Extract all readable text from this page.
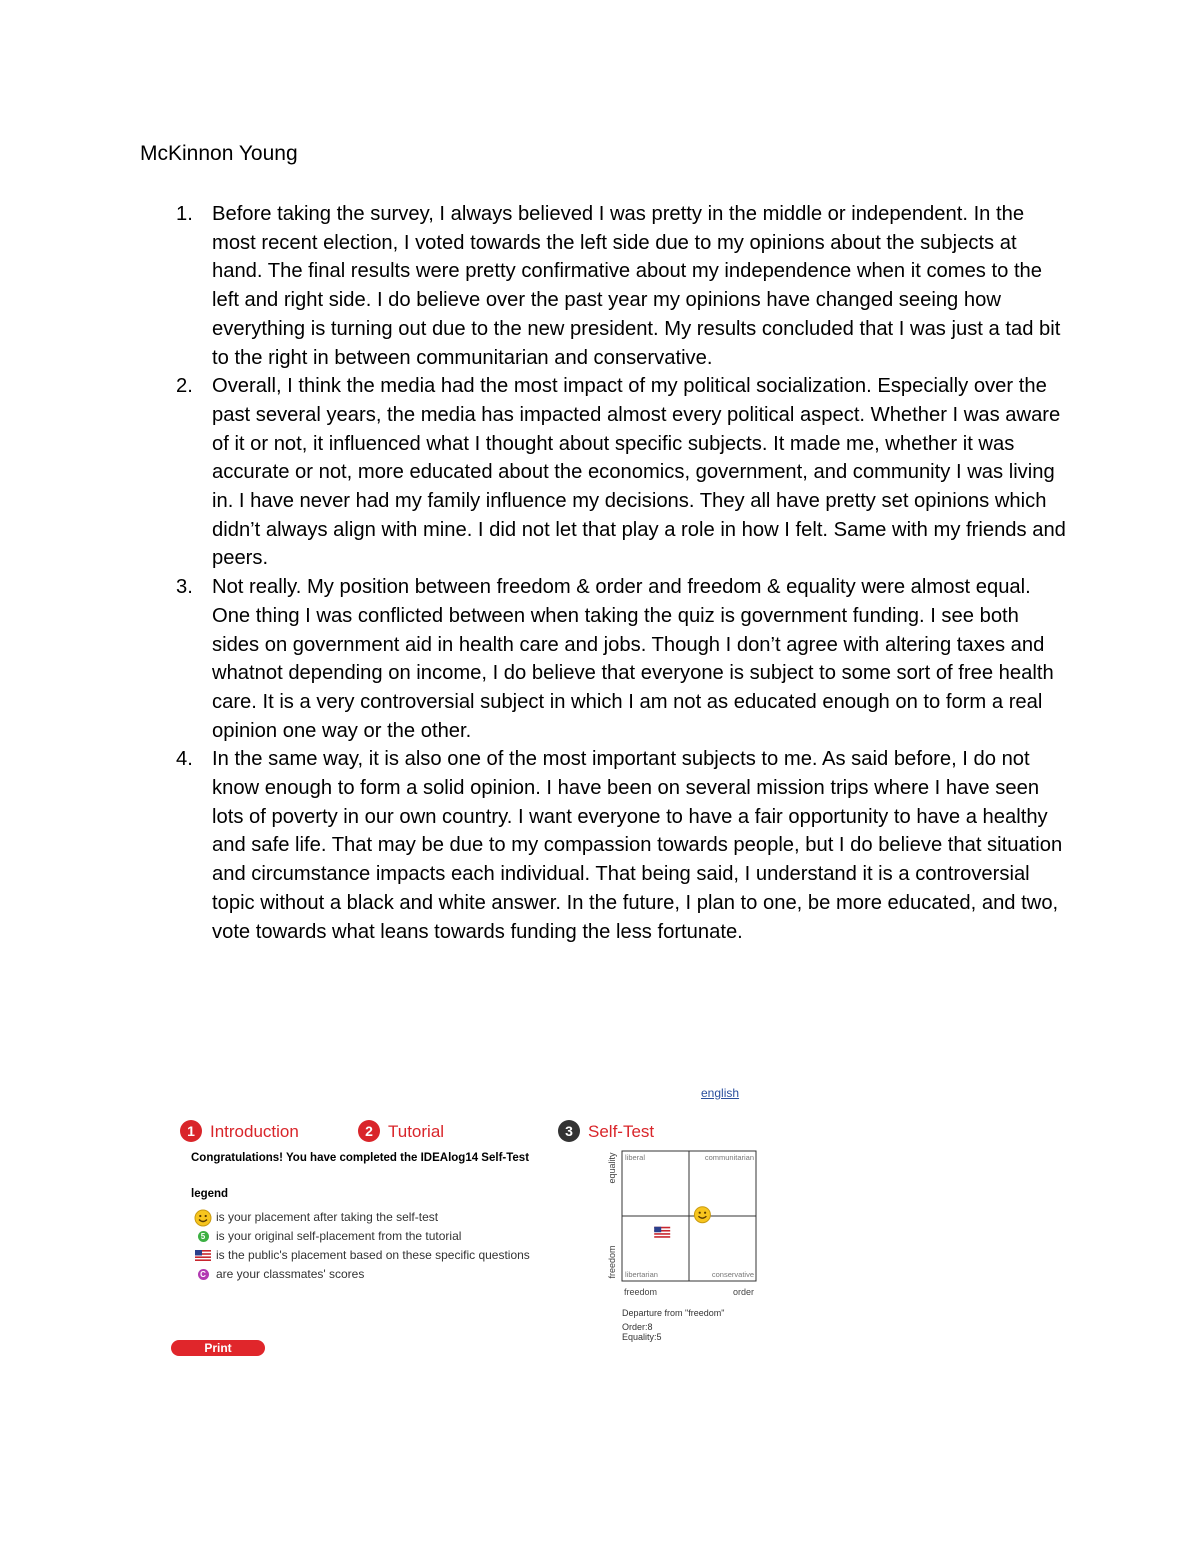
McKinnon Young
1. Before taking the survey, I always believed I was pretty in the middle or independent. In the most recent election, I voted towards the left side due to my opinions about the subjects at hand. The final results were pretty confirmative about my independence when it comes to the left and right side. I do believe over the past year my opinions have changed seeing how everything is turning out due to the new president. My results concluded that I was just a tad bit to the right in between communitarian and conservative.
2. Overall, I think the media had the most impact of my political socialization. Especially over the past several years, the media has impacted almost every political aspect. Whether I was aware of it or not, it influenced what I thought about specific subjects. It made me, whether it was accurate or not, more educated about the economics, government, and community I was living in. I have never had my family influence my decisions. They all have pretty set opinions which didn’t always align with mine. I did not let that play a role in how I felt. Same with my friends and peers.
3. Not really. My position between freedom & order and freedom & equality were almost equal. One thing I was conflicted between when taking the quiz is government funding. I see both sides on government aid in health care and jobs. Though I don’t agree with altering taxes and whatnot depending on income, I do believe that everyone is subject to some sort of free health care. It is a very controversial subject in which I am not as educated enough on to form a real opinion one way or the other.
4. In the same way, it is also one of the most important subjects to me. As said before, I do not know enough to form a solid opinion. I have been on several mission trips where I have seen lots of poverty in our own country. I want everyone to have a fair opportunity to have a healthy and safe life. That may be due to my compassion towards people, but I do believe that situation and circumstance impacts each individual. That being said, I understand it is a controversial topic without a black and white answer. In the future, I plan to one, be more educated, and two, vote towards what leans towards funding the less fortunate.
english
1 Introduction	2 Tutorial	3 Self-Test
Congratulations! You have completed the IDEAlog14 Self-Test
legend
is your placement after taking the self-test
5 is your original self-placement from the tutorial
is the public's placement based on these specific questions
C are your classmates' scores
Print
liberal	communitarian
libertarian	conservative
equality
freedom
freedom	order
Departure from "freedom"
Order:8Equality:5
